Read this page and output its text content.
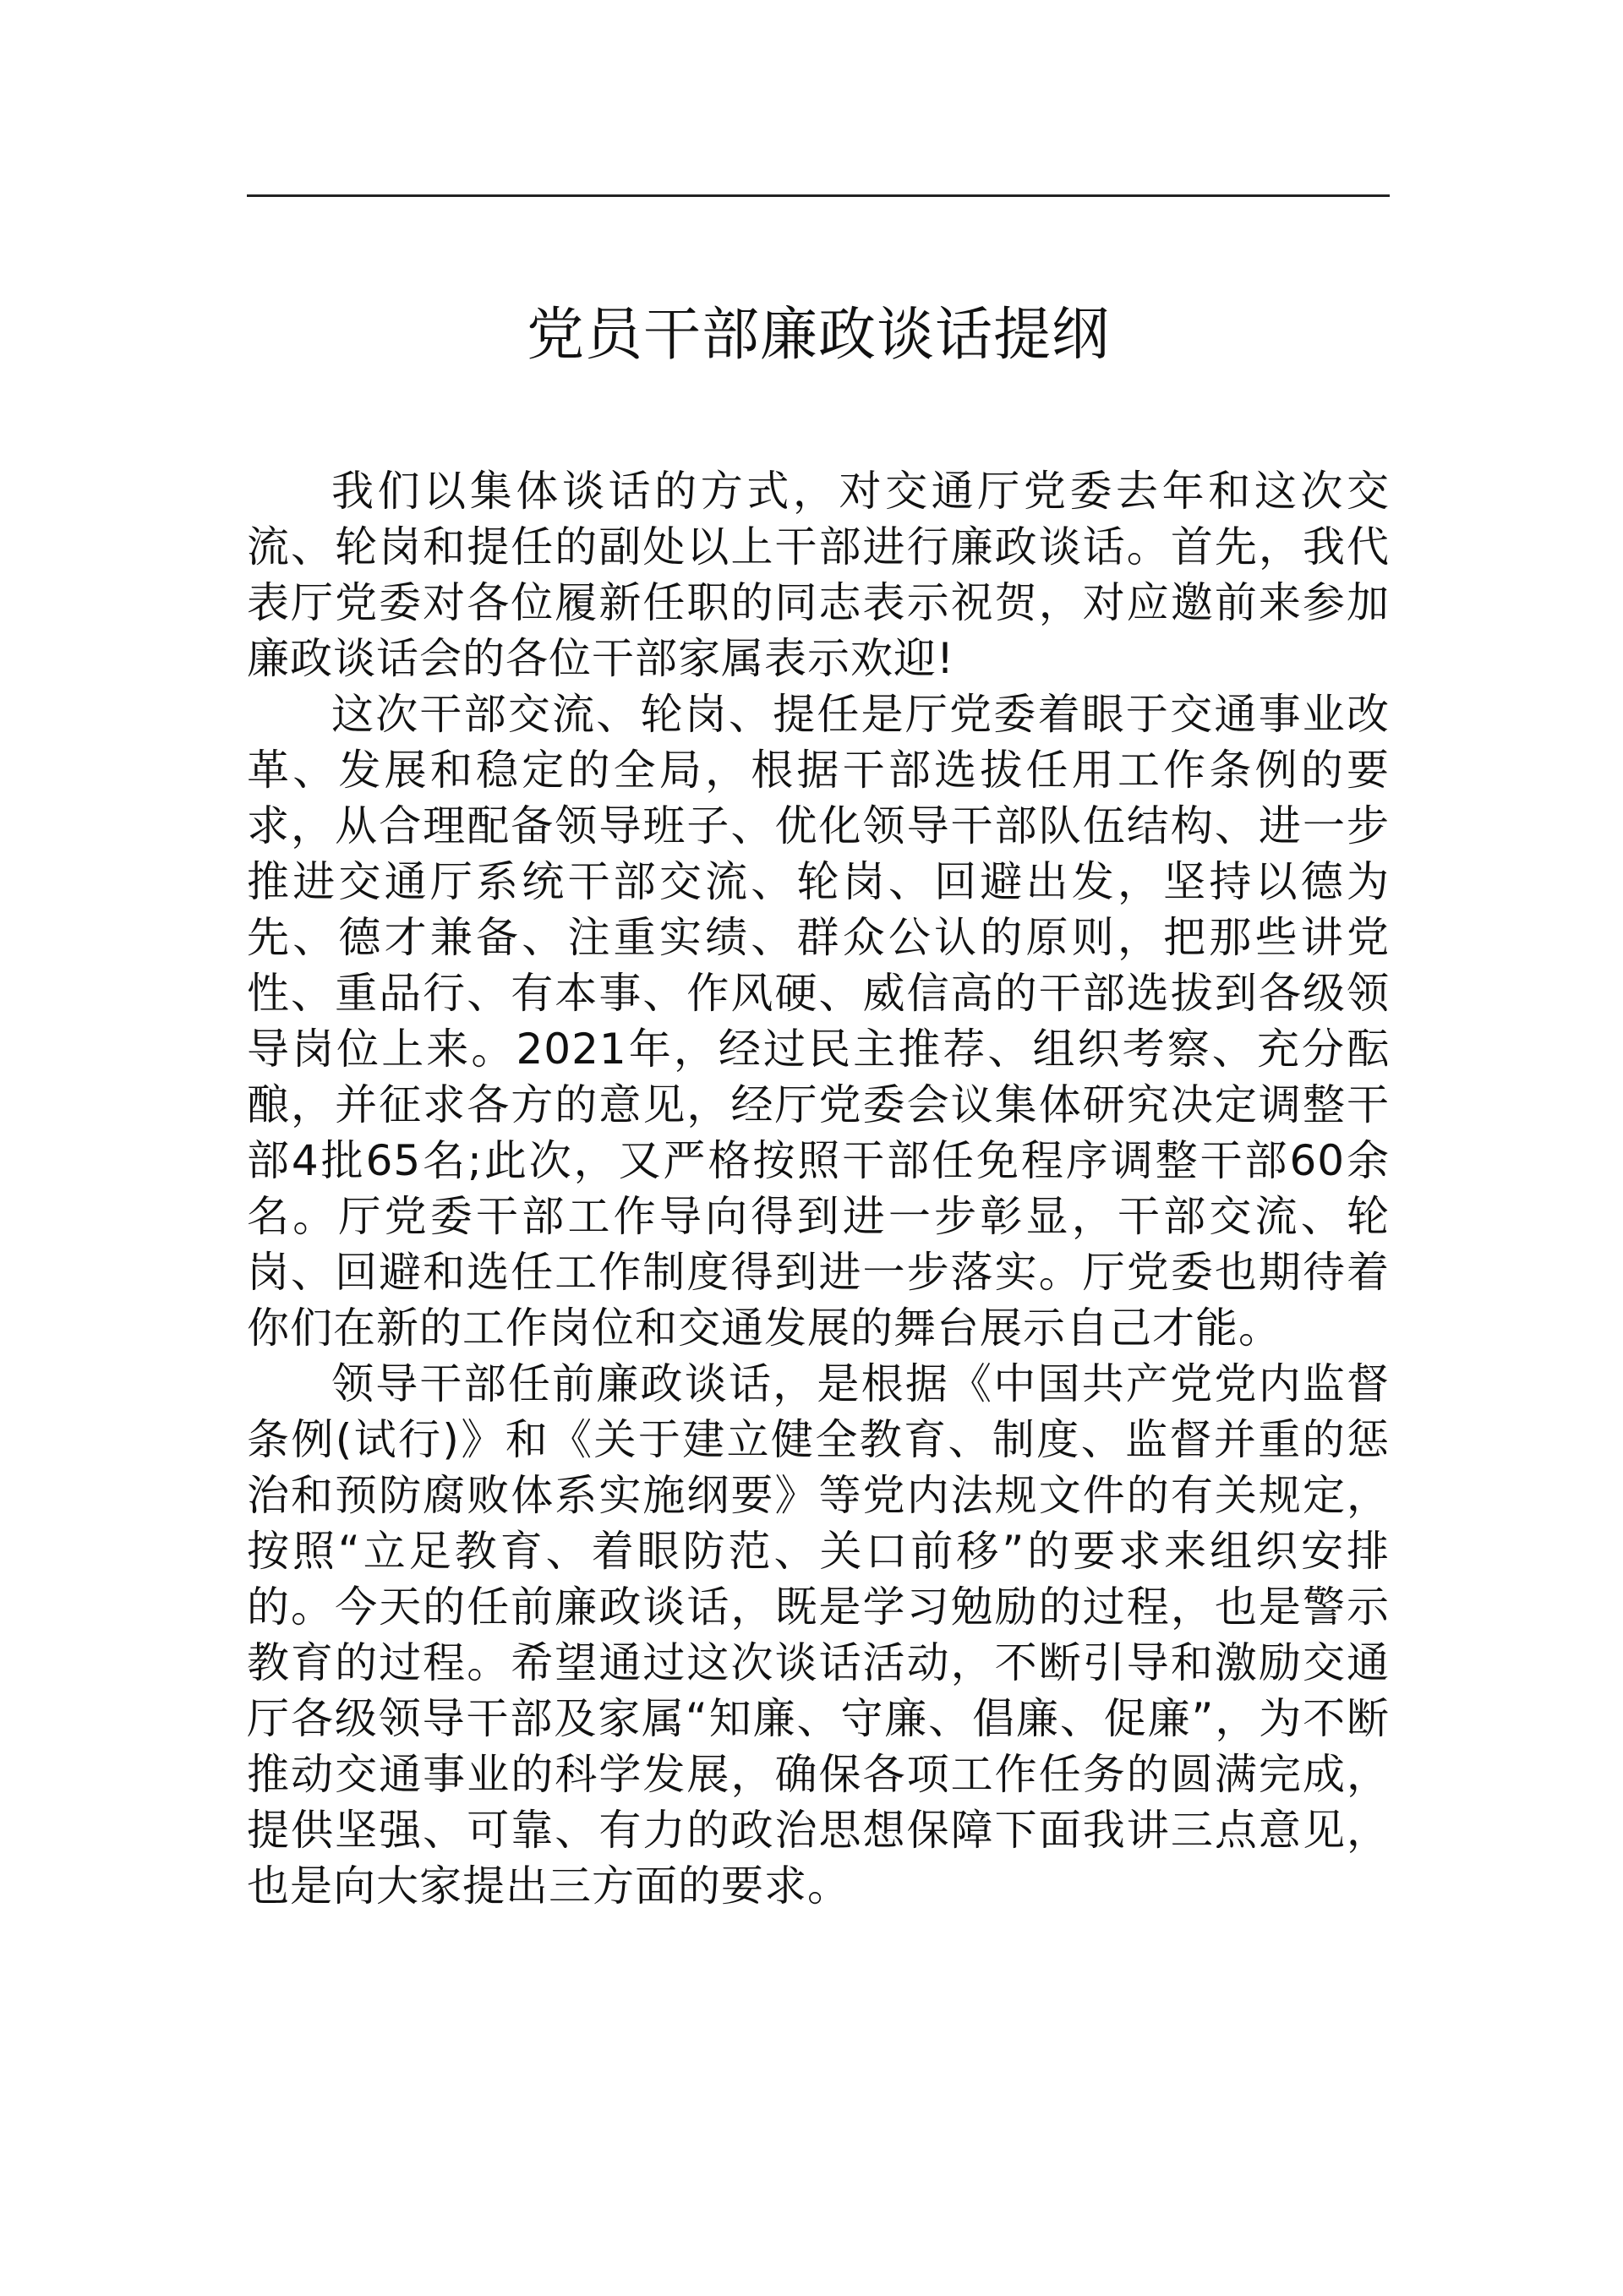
党员干部廉政谈话提纲

我们以集体谈话的方式，对交通厅党委去年和这次交流、轮岗和提任的副处以上干部进行廉政谈话。首先，我代表厅党委对各位履新任职的同志表示祝贺，对应邀前来参加廉政谈话会的各位干部家属表示欢迎!

这次干部交流、轮岗、提任是厅党委着眼于交通事业改革、发展和稳定的全局，根据干部选拔任用工作条例的要求，从合理配备领导班子、优化领导干部队伍结构、进一步推进交通厅系统干部交流、轮岗、回避出发，坚持以德为先、德才兼备、注重实绩、群众公认的原则，把那些讲党性、重品行、有本事、作风硬、威信高的干部选拔到各级领导岗位上来。2021年，经过民主推荐、组织考察、充分酝酿，并征求各方的意见，经厅党委会议集体研究决定调整干部4批65名;此次，又严格按照干部任免程序调整干部60余名。厅党委干部工作导向得到进一步彰显，干部交流、轮岗、回避和选任工作制度得到进一步落实。厅党委也期待着你们在新的工作岗位和交通发展的舞台展示自己才能。

领导干部任前廉政谈话，是根据《中国共产党党内监督条例(试行)》和《关于建立健全教育、制度、监督并重的惩治和预防腐败体系实施纲要》等党内法规文件的有关规定，按照“立足教育、着眼防范、关口前移”的要求来组织安排的。今天的任前廉政谈话，既是学习勉励的过程，也是警示教育的过程。希望通过这次谈话活动，不断引导和激励交通厅各级领导干部及家属“知廉、守廉、倡廉、促廉”，为不断推动交通事业的科学发展，确保各项工作任务的圆满完成，提供坚强、可靠、有力的政治思想保障下面我讲三点意见，也是向大家提出三方面的要求。
